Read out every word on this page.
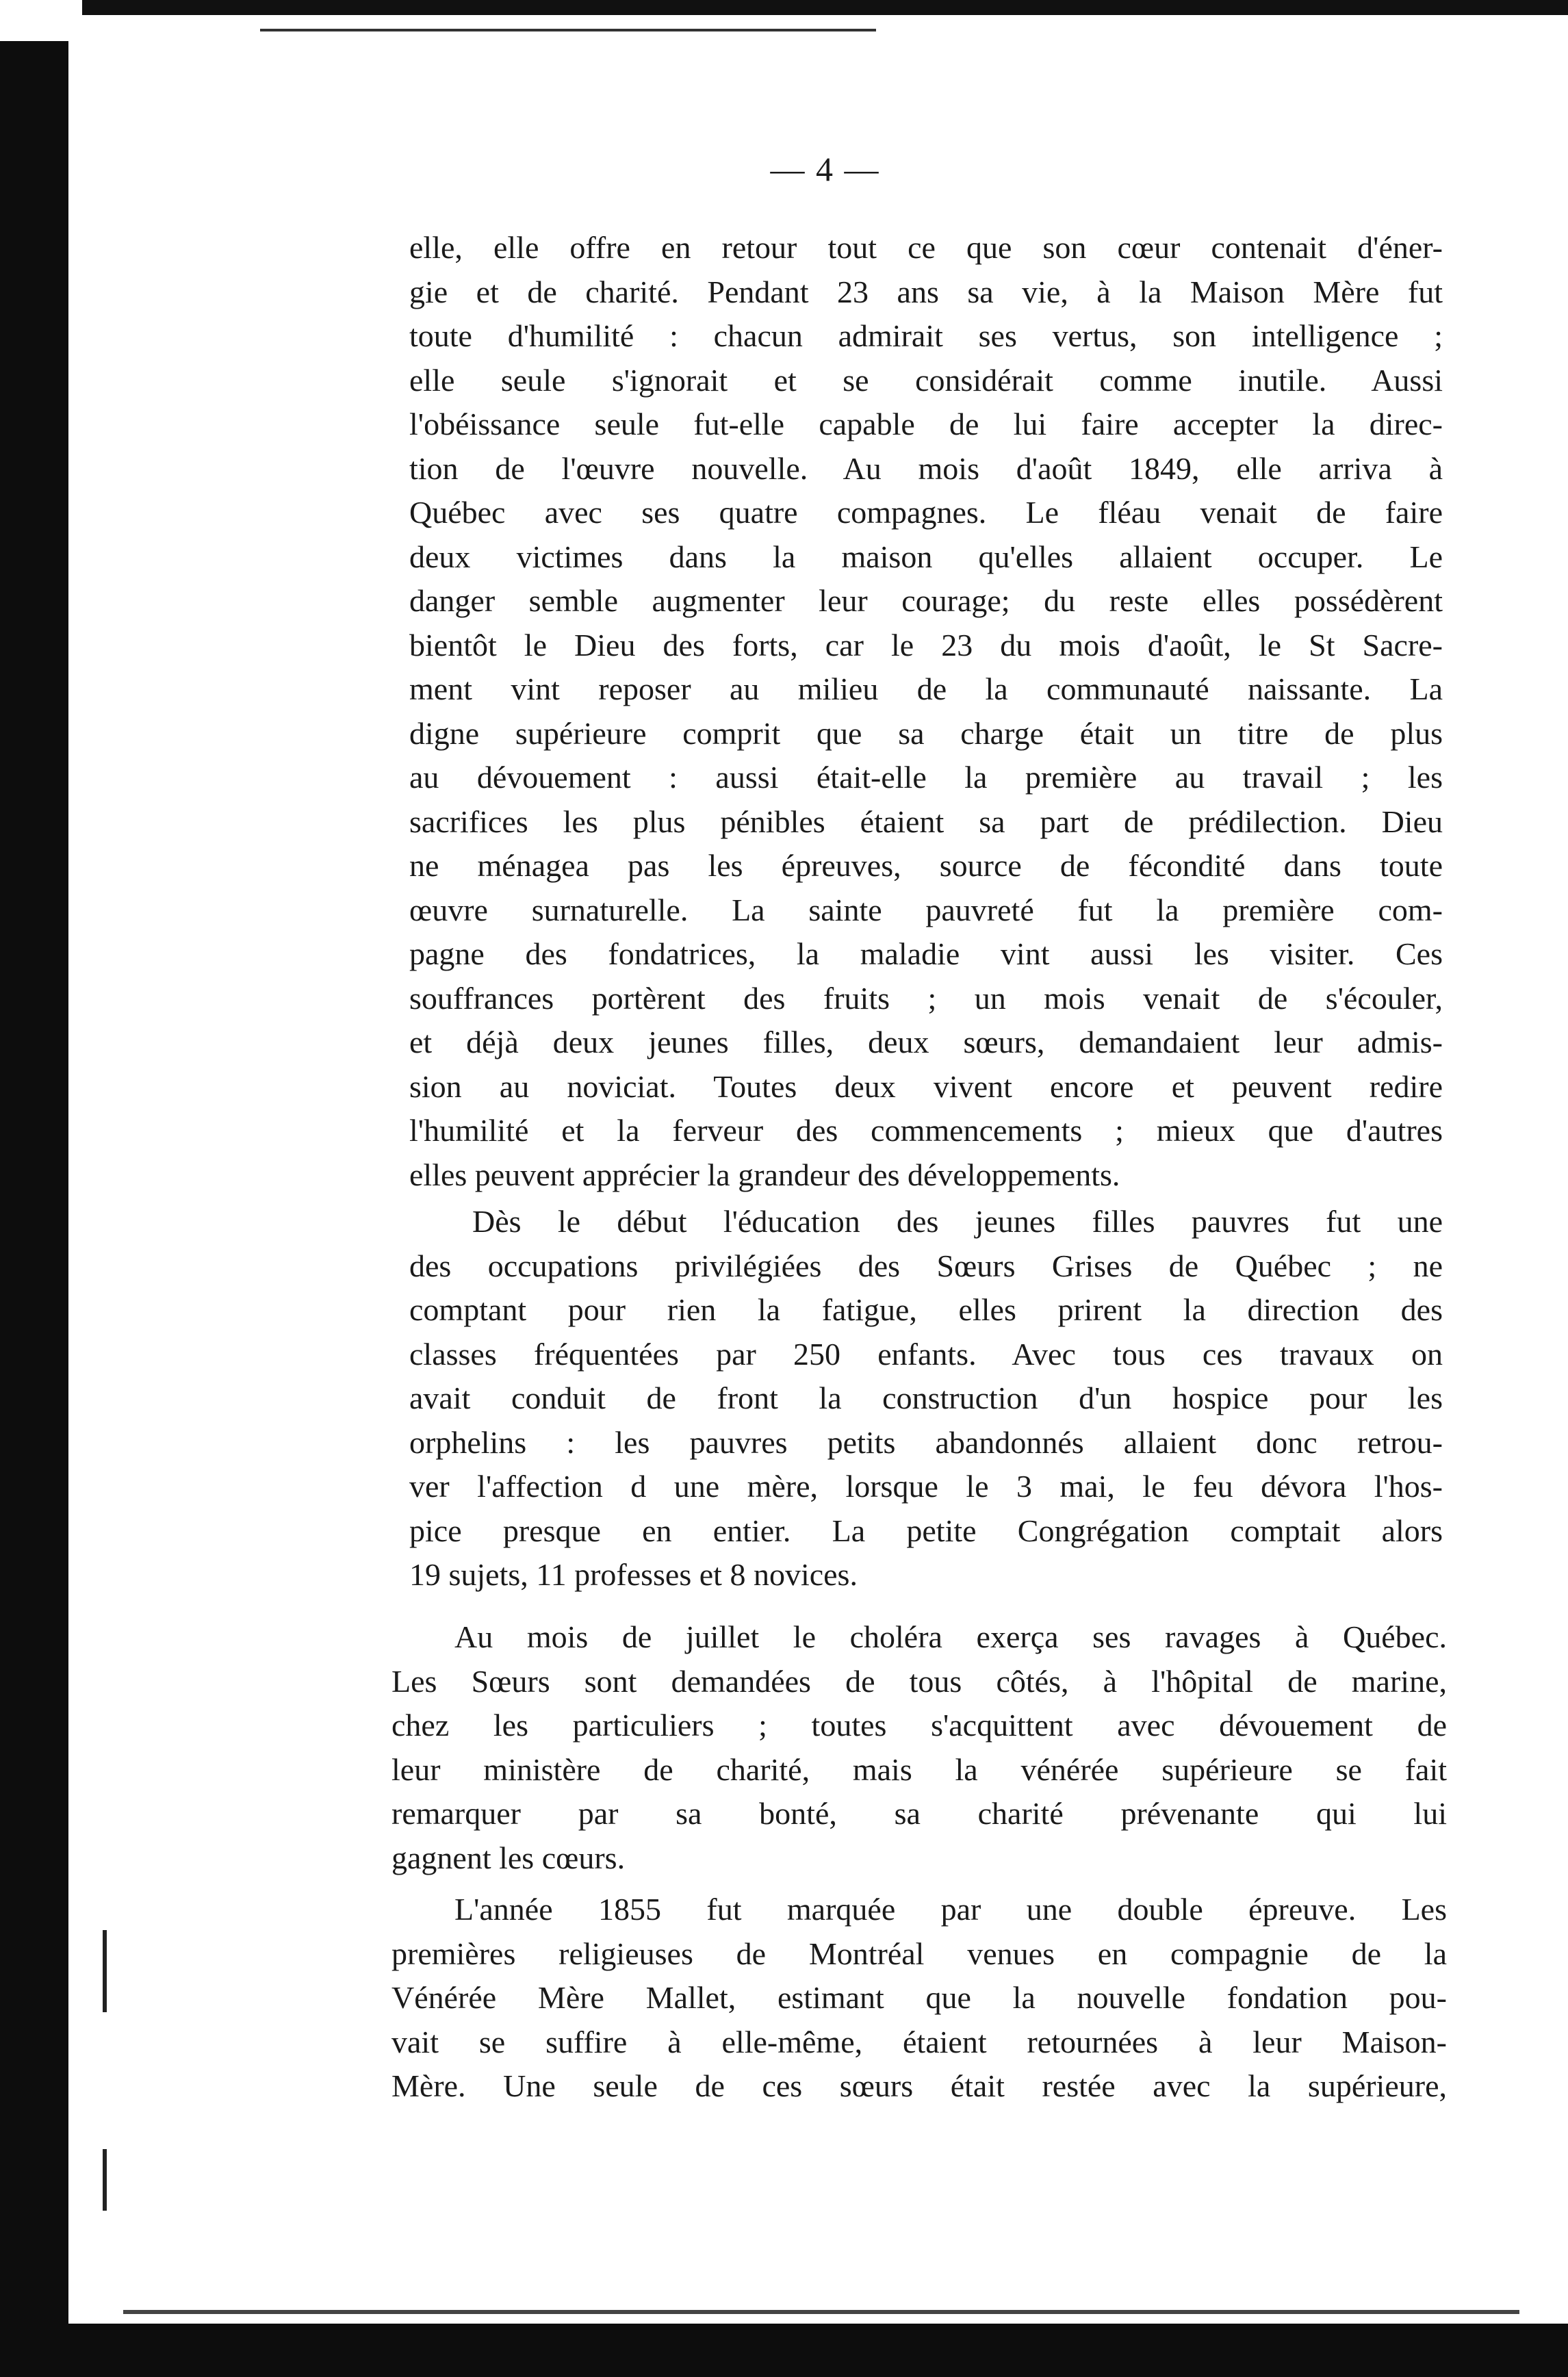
— 4 —
elle, elle offre en retour tout ce que son cœur contenait d'éner-
gie et de charité. Pendant 23 ans sa vie, à la Maison Mère fut
toute d'humilité : chacun admirait ses vertus, son intelligence ;
elle seule s'ignorait et se considérait comme inutile. Aussi
l'obéissance seule fut-elle capable de lui faire accepter la direc-
tion de l'œuvre nouvelle. Au mois d'août 1849, elle arriva à
Québec avec ses quatre compagnes. Le fléau venait de faire
deux victimes dans la maison qu'elles allaient occuper. Le
danger semble augmenter leur courage; du reste elles possédèrent
bientôt le Dieu des forts, car le 23 du mois d'août, le St Sacre-
ment vint reposer au milieu de la communauté naissante. La
digne supérieure comprit que sa charge était un titre de plus
au dévouement : aussi était-elle la première au travail ; les
sacrifices les plus pénibles étaient sa part de prédilection. Dieu
ne ménagea pas les épreuves, source de fécondité dans toute
œuvre surnaturelle. La sainte pauvreté fut la première com-
pagne des fondatrices, la maladie vint aussi les visiter. Ces
souffrances portèrent des fruits ; un mois venait de s'écouler,
et déjà deux jeunes filles, deux sœurs, demandaient leur admis-
sion au noviciat. Toutes deux vivent encore et peuvent redire
l'humilité et la ferveur des commencements ; mieux que d'autres
elles peuvent apprécier la grandeur des développements.
Dès le début l'éducation des jeunes filles pauvres fut une
des occupations privilégiées des Sœurs Grises de Québec ; ne
comptant pour rien la fatigue, elles prirent la direction des
classes fréquentées par 250 enfants. Avec tous ces travaux on
avait conduit de front la construction d'un hospice pour les
orphelins : les pauvres petits abandonnés allaient donc retrou-
ver l'affection d une mère, lorsque le 3 mai, le feu dévora l'hos-
pice presque en entier. La petite Congrégation comptait alors
19 sujets, 11 professes et 8 novices.
Au mois de juillet le choléra exerça ses ravages à Québec.
Les Sœurs sont demandées de tous côtés, à l'hôpital de marine,
chez les particuliers ; toutes s'acquittent avec dévouement de
leur ministère de charité, mais la vénérée supérieure se fait
remarquer par sa bonté, sa charité prévenante qui lui
gagnent les cœurs.
L'année 1855 fut marquée par une double épreuve. Les
premières religieuses de Montréal venues en compagnie de la
Vénérée Mère Mallet, estimant que la nouvelle fondation pou-
vait se suffire à elle-même, étaient retournées à leur Maison-
Mère. Une seule de ces sœurs était restée avec la supérieure,
